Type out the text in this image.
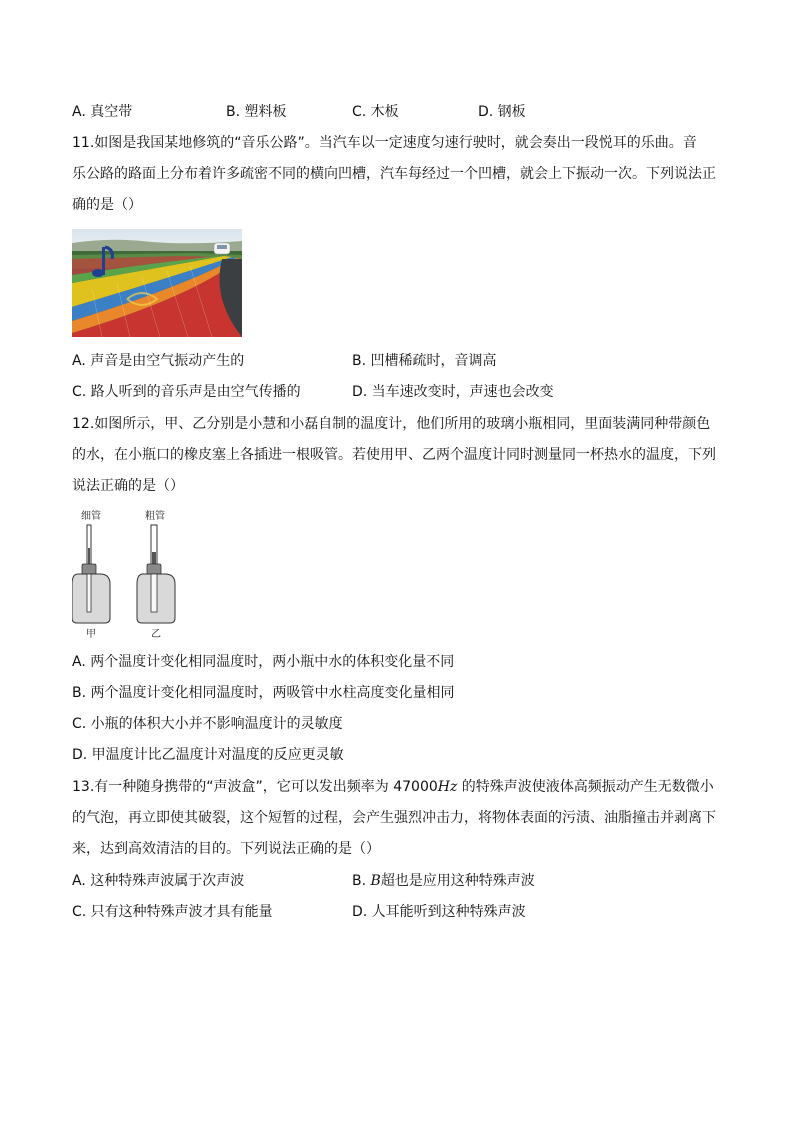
A. 真空带	B. 塑料板	C. 木板	D. 钢板
11.如图是我国某地修筑的“音乐公路”。当汽车以一定速度匀速行驶时，就会奏出一段悦耳的乐曲。音
乐公路的路面上分布着许多疏密不同的横向凹槽，汽车每经过一个凹槽，就会上下振动一次。下列说法正
确的是（）
A. 声音是由空气振动产生的	B. 凹槽稀疏时，音调高
C. 路人听到的音乐声是由空气传播的	D. 当车速改变时，声速也会改变
12.如图所示，甲、乙分别是小慧和小磊自制的温度计，他们所用的玻璃小瓶相同，里面装满同种带颜色
的水，在小瓶口的橡皮塞上各插进一根吸管。若使用甲、乙两个温度计同时测量同一杯热水的温度，下列
说法正确的是（）
细管	粗管
甲	乙
A. 两个温度计变化相同温度时，两小瓶中水的体积变化量不同
B. 两个温度计变化相同温度时，两吸管中水柱高度变化量相同
C. 小瓶的体积大小并不影响温度计的灵敏度
D. 甲温度计比乙温度计对温度的反应更灵敏
13.有一种随身携带的“声波盒”，它可以发出频率为 47000Hz 的特殊声波使液体高频振动产生无数微小
的气泡，再立即使其破裂，这个短暂的过程，会产生强烈冲击力，将物体表面的污渍、油脂撞击并剥离下
来，达到高效清洁的目的。下列说法正确的是（）
A. 这种特殊声波属于次声波	B. B超也是应用这种特殊声波
C. 只有这种特殊声波才具有能量	D. 人耳能听到这种特殊声波
